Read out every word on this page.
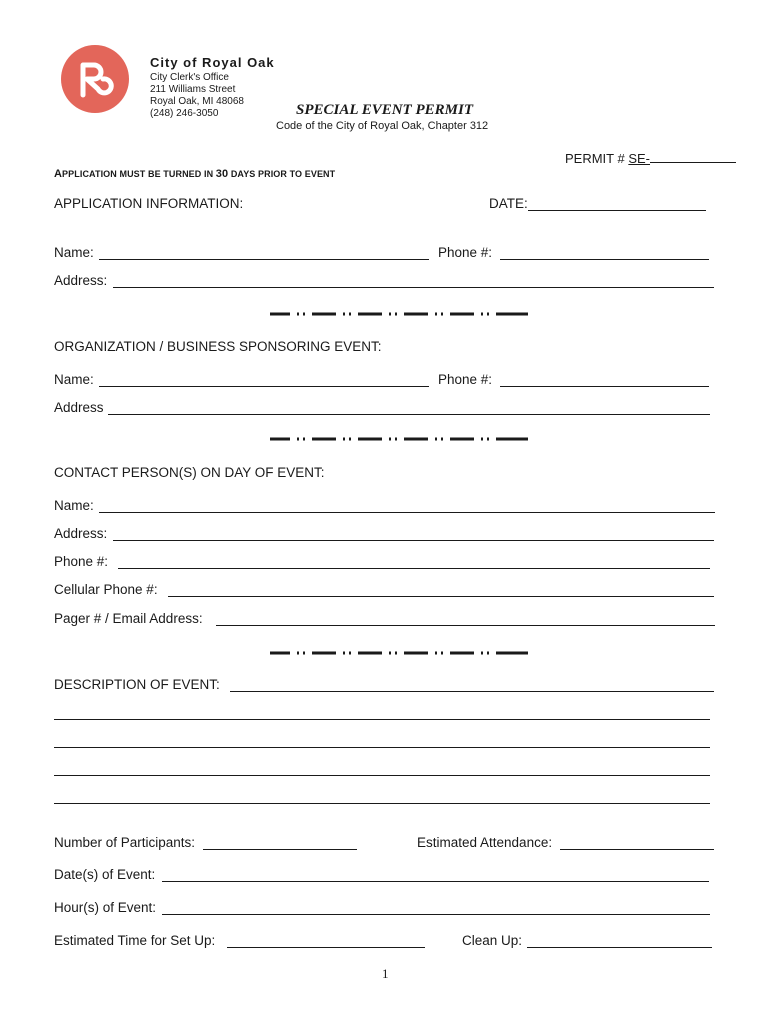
City of Royal Oak
City Clerk's Office
211 Williams Street
Royal Oak, MI 48068
(248) 246-3050	SPECIAL EVENT PERMIT
Code of the City of Royal Oak, Chapter 312
PERMIT # SE-
APPLICATION MUST BE TURNED IN 30 DAYS PRIOR TO EVENT
APPLICATION INFORMATION:	DATE:
Name:	Phone #:
Address:
ORGANIZATION / BUSINESS SPONSORING EVENT:
Name:	Phone #:
Address
CONTACT PERSON(S) ON DAY OF EVENT:
Name:
Address:
Phone #:
Cellular Phone #:
Pager # / Email Address:
DESCRIPTION OF EVENT:
Number of Participants:	Estimated Attendance:
Date(s) of Event:
Hour(s) of Event:
Estimated Time for Set Up:	Clean Up:
1
